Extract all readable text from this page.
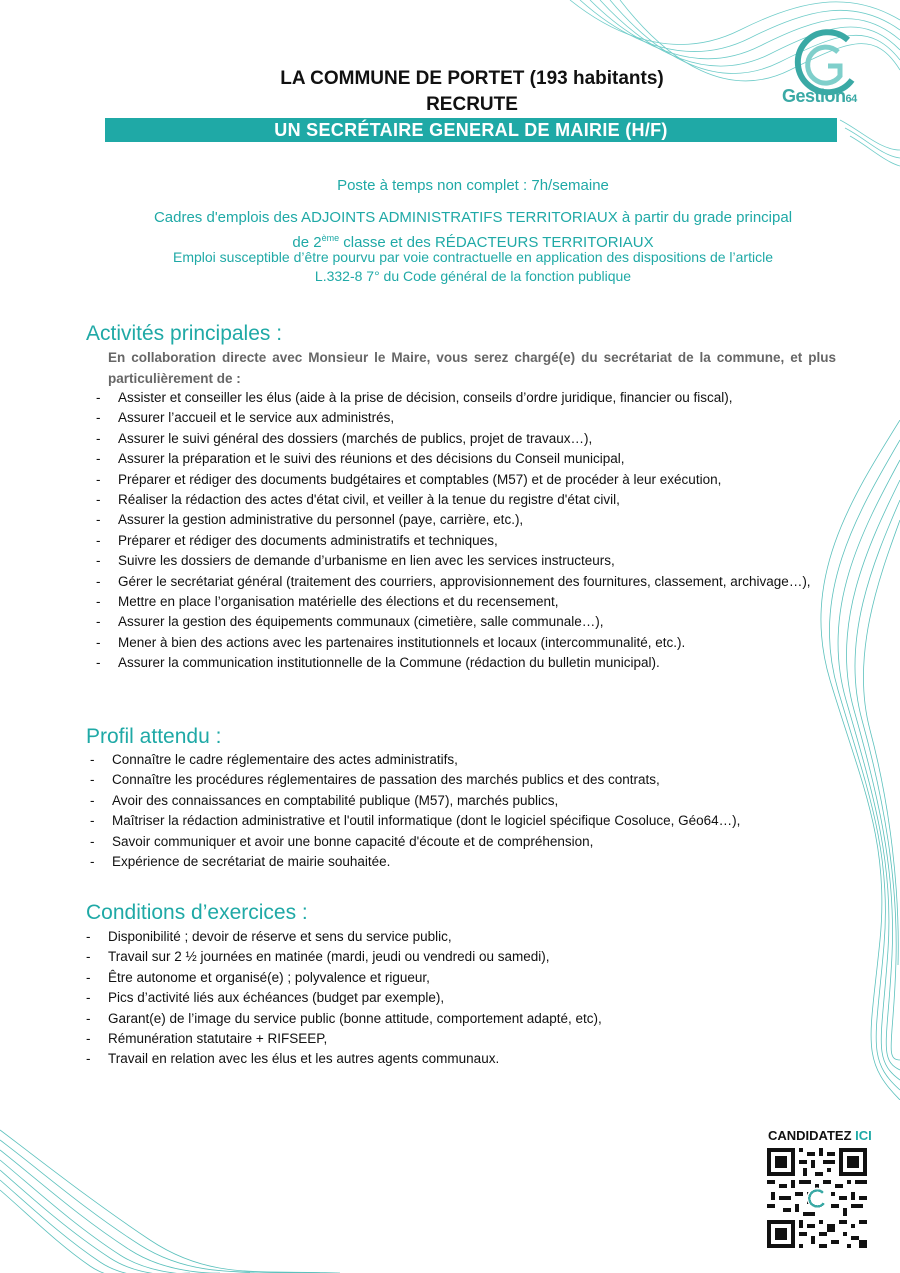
Gestion64
LA COMMUNE DE PORTET (193 habitants)
RECRUTE
UN SECRÉTAIRE GENERAL DE MAIRIE (H/F)
Poste à temps non complet : 7h/semaine
Cadres d'emplois des ADJOINTS ADMINISTRATIFS TERRITORIAUX à partir du grade principal
de 2ème classe et des RÉDACTEURS TERRITORIAUX
Emploi susceptible d’être pourvu par voie contractuelle en application des dispositions de l’article
L.332-8 7° du Code général de la fonction publique
Activités principales :
En collaboration directe avec Monsieur le Maire, vous serez chargé(e) du secrétariat de la commune, et plus particulièrement de :
- Assister et conseiller les élus (aide à la prise de décision, conseils d’ordre juridique, financier ou fiscal),
- Assurer l’accueil et le service aux administrés,
- Assurer le suivi général des dossiers (marchés de publics, projet de travaux…),
- Assurer la préparation et le suivi des réunions et des décisions du Conseil municipal,
- Préparer et rédiger des documents budgétaires et comptables (M57) et de procéder à leur exécution,
- Réaliser la rédaction des actes d'état civil, et veiller à la tenue du registre d'état civil,
- Assurer la gestion administrative du personnel (paye, carrière, etc.),
- Préparer et rédiger des documents administratifs et techniques,
- Suivre les dossiers de demande d’urbanisme en lien avec les services instructeurs,
- Gérer le secrétariat général (traitement des courriers, approvisionnement des fournitures, classement, archivage…),
- Mettre en place l’organisation matérielle des élections et du recensement,
- Assurer la gestion des équipements communaux (cimetière, salle communale…),
- Mener à bien des actions avec les partenaires institutionnels et locaux (intercommunalité, etc.).
- Assurer la communication institutionnelle de la Commune (rédaction du bulletin municipal).
Profil attendu :
- Connaître le cadre réglementaire des actes administratifs,
- Connaître les procédures réglementaires de passation des marchés publics et des contrats,
- Avoir des connaissances en comptabilité publique (M57), marchés publics,
- Maîtriser la rédaction administrative et l'outil informatique (dont le logiciel spécifique Cosoluce, Géo64…),
- Savoir communiquer et avoir une bonne capacité d'écoute et de compréhension,
- Expérience de secrétariat de mairie souhaitée.
Conditions d’exercices :
- Disponibilité ; devoir de réserve et sens du service public,
- Travail sur 2 ½ journées en matinée (mardi, jeudi ou vendredi ou samedi),
- Être autonome et organisé(e) ; polyvalence et rigueur,
- Pics d’activité liés aux échéances (budget par exemple),
- Garant(e) de l’image du service public (bonne attitude, comportement adapté, etc),
- Rémunération statutaire + RIFSEEP,
- Travail en relation avec les élus et les autres agents communaux.
CANDIDATEZ ICI
